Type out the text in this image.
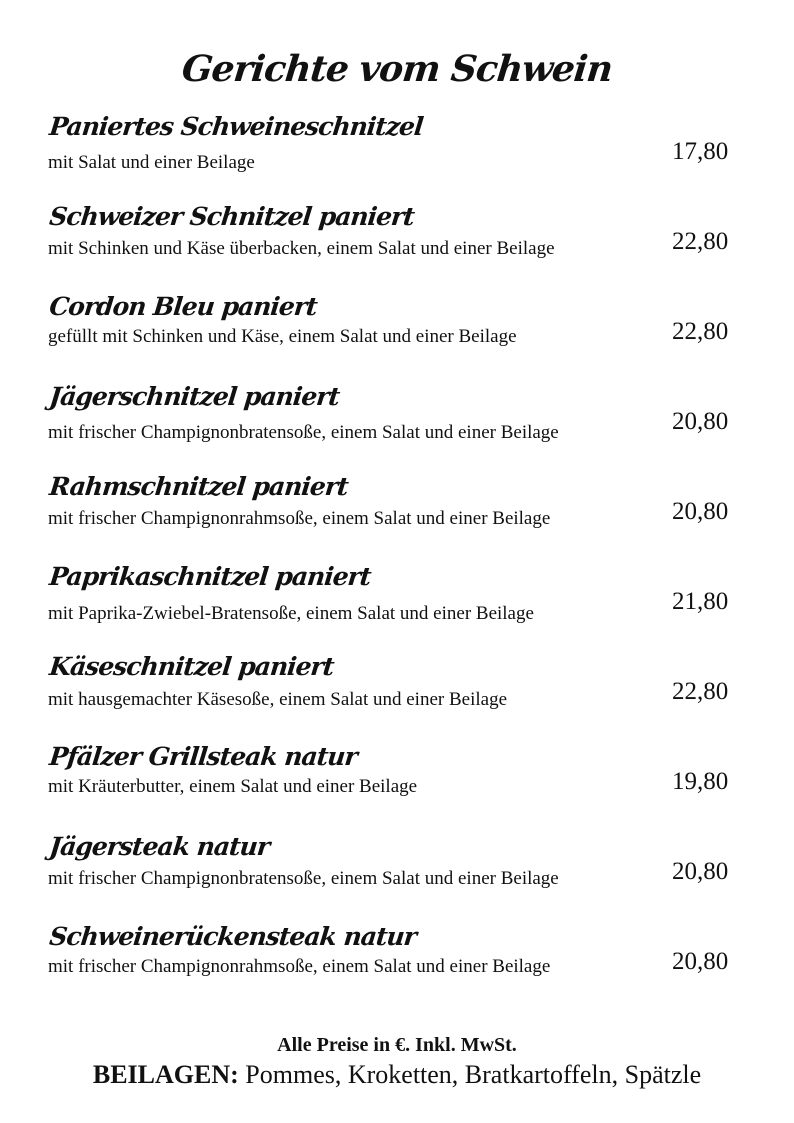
Gerichte vom Schwein
Paniertes Schweineschnitzel
mit Salat und einer Beilage	17,80
Schweizer Schnitzel paniert
mit Schinken und Käse überbacken, einem Salat und einer Beilage	22,80
Cordon Bleu paniert
gefüllt mit Schinken und Käse, einem Salat und einer Beilage	22,80
Jägerschnitzel paniert
mit frischer Champignonbratensoße, einem Salat und einer Beilage	20,80
Rahmschnitzel paniert
mit frischer Champignonrahmsoße, einem Salat und einer Beilage	20,80
Paprikaschnitzel paniert
mit Paprika-Zwiebel-Bratensoße, einem Salat und einer Beilage	21,80
Käseschnitzel paniert
mit hausgemachter Käsesoße, einem Salat und einer Beilage	22,80
Pfälzer Grillsteak natur
mit Kräuterbutter, einem Salat und einer Beilage	19,80
Jägersteak natur
mit frischer Champignonbratensoße, einem Salat und einer Beilage	20,80
Schweinerückensteak natur
mit frischer Champignonrahmsoße, einem Salat und einer Beilage	20,80
Alle Preise in €. Inkl. MwSt.
BEILAGEN: Pommes, Kroketten, Bratkartoffeln, Spätzle
